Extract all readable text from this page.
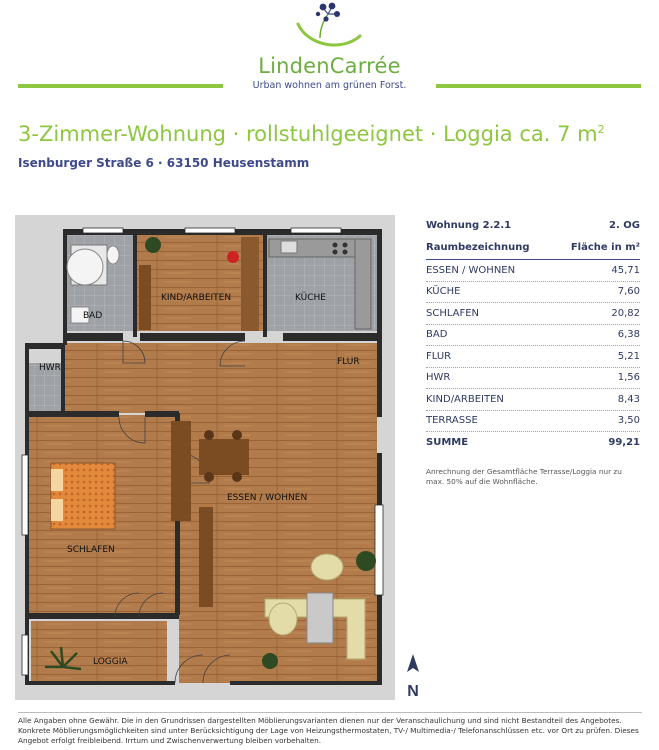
LindenCarrée
Urban wohnen am grünen Forst.
3-Zimmer-Wohnung · rollstuhlgeeignet · Loggia ca. 7 $m^2$
Isenburger Straße 6 · 63150 Heusenstamm
BAD
KIND/ARBEITEN	KÜCHE
HWR
FLUR
SCHLAFEN
ESSEN / WOHNEN
LOGGIA
N
Wohnung 2.2.1	2. OG
Raumbezeichnung	Fläche in m²
ESSEN / WOHNEN	45,71
KÜCHE	7,60
SCHLAFEN	20,82
BAD	6,38
FLUR	5,21
HWR	1,56
KIND/ARBEITEN	8,43
TERRASSE	3,50
SUMME	99,21
Anrechnung der Gesamtfläche Terrasse/Loggia nur zu max. 50% auf die Wohnfläche.
Alle Angaben ohne Gewähr. Die in den Grundrissen dargestellten Möblierungsvarianten dienen nur der Veranschaulichung und sind nicht Bestandteil des Angebotes. Konkrete Möblierungsmöglichkeiten sind unter Berücksichtigung der Lage von Heizungsthermostaten, TV-/ Multimedia-/ Telefonanschlüssen etc. vor Ort zu prüfen. Dieses Angebot erfolgt freibleibend. Irrtum und Zwischenverwertung bleiben vorbehalten.
